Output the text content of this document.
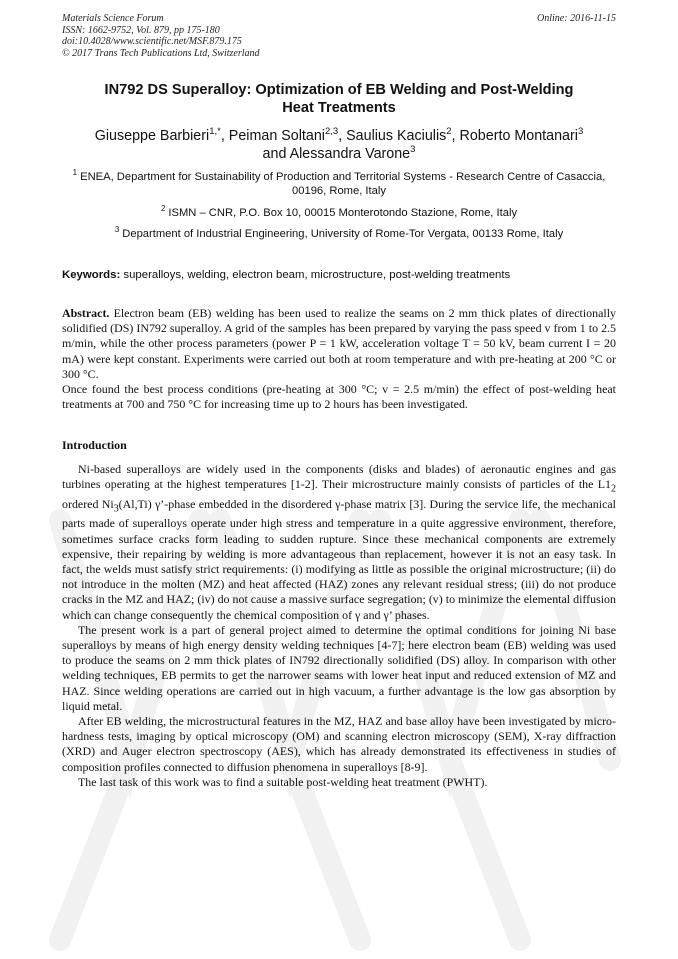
Materials Science Forum
ISSN: 1662-9752, Vol. 879, pp 175-180
doi:10.4028/www.scientific.net/MSF.879.175
© 2017 Trans Tech Publications Ltd, Switzerland
Online: 2016-11-15
IN792 DS Superalloy: Optimization of EB Welding and Post-Welding
Heat Treatments
Giuseppe Barbieri$^{1,*}$, Peiman Soltani$^{2,3}$, Saulius Kaciulis$^2$, Roberto Montanari$^3$
and Alessandra Varone$^3$
$^1$ ENEA, Department for Sustainability of Production and Territorial Systems - Research Centre of Casaccia, 00196, Rome, Italy
$^2$ ISMN – CNR, P.O. Box 10, 00015 Monterotondo Stazione, Rome, Italy
$^3$ Department of Industrial Engineering, University of Rome-Tor Vergata, 00133 Rome, Italy
Keywords: superalloys, welding, electron beam, microstructure, post-welding treatments

Abstract. Electron beam (EB) welding has been used to realize the seams on 2 mm thick plates of directionally solidified (DS) IN792 superalloy. A grid of the samples has been prepared by varying the pass speed v from 1 to 2.5 m/min, while the other process parameters (power P = 1 kW, acceleration voltage T = 50 kV, beam current I = 20 mA) were kept constant. Experiments were carried out both at room temperature and with pre-heating at 200 °C or 300 °C.

Once found the best process conditions (pre-heating at 300 °C; v = 2.5 m/min) the effect of post-welding heat treatments at 700 and 750 °C for increasing time up to 2 hours has been investigated.

Introduction

Ni-based superalloys are widely used in the components (disks and blades) of aeronautic engines and gas turbines operating at the highest temperatures [1-2]. Their microstructure mainly consists of particles of the $L1_2$ ordered $Ni_3(Al,Ti)$ γ’-phase embedded in the disordered γ-phase matrix [3]. During the service life, the mechanical parts made of superalloys operate under high stress and temperature in a quite aggressive environment, therefore, sometimes surface cracks form leading to sudden rupture. Since these mechanical components are extremely expensive, their repairing by welding is more advantageous than replacement, however it is not an easy task. In fact, the welds must satisfy strict requirements: (i) modifying as little as possible the original microstructure; (ii) do not introduce in the molten (MZ) and heat affected (HAZ) zones any relevant residual stress; (iii) do not produce cracks in the MZ and HAZ; (iv) do not cause a massive surface segregation; (v) to minimize the elemental diffusion which can change consequently the chemical composition of γ and γ’ phases.

The present work is a part of general project aimed to determine the optimal conditions for joining Ni base superalloys by means of high energy density welding techniques [4-7]; here electron beam (EB) welding was used to produce the seams on 2 mm thick plates of IN792 directionally solidified (DS) alloy. In comparison with other welding techniques, EB permits to get the narrower seams with lower heat input and reduced extension of MZ and HAZ. Since welding operations are carried out in high vacuum, a further advantage is the low gas absorption by liquid metal.

After EB welding, the microstructural features in the MZ, HAZ and base alloy have been investigated by micro-hardness tests, imaging by optical microscopy (OM) and scanning electron microscopy (SEM), X-ray diffraction (XRD) and Auger electron spectroscopy (AES), which has already demonstrated its effectiveness in studies of composition profiles connected to diffusion phenomena in superalloys [8-9].

The last task of this work was to find a suitable post-welding heat treatment (PWHT).
